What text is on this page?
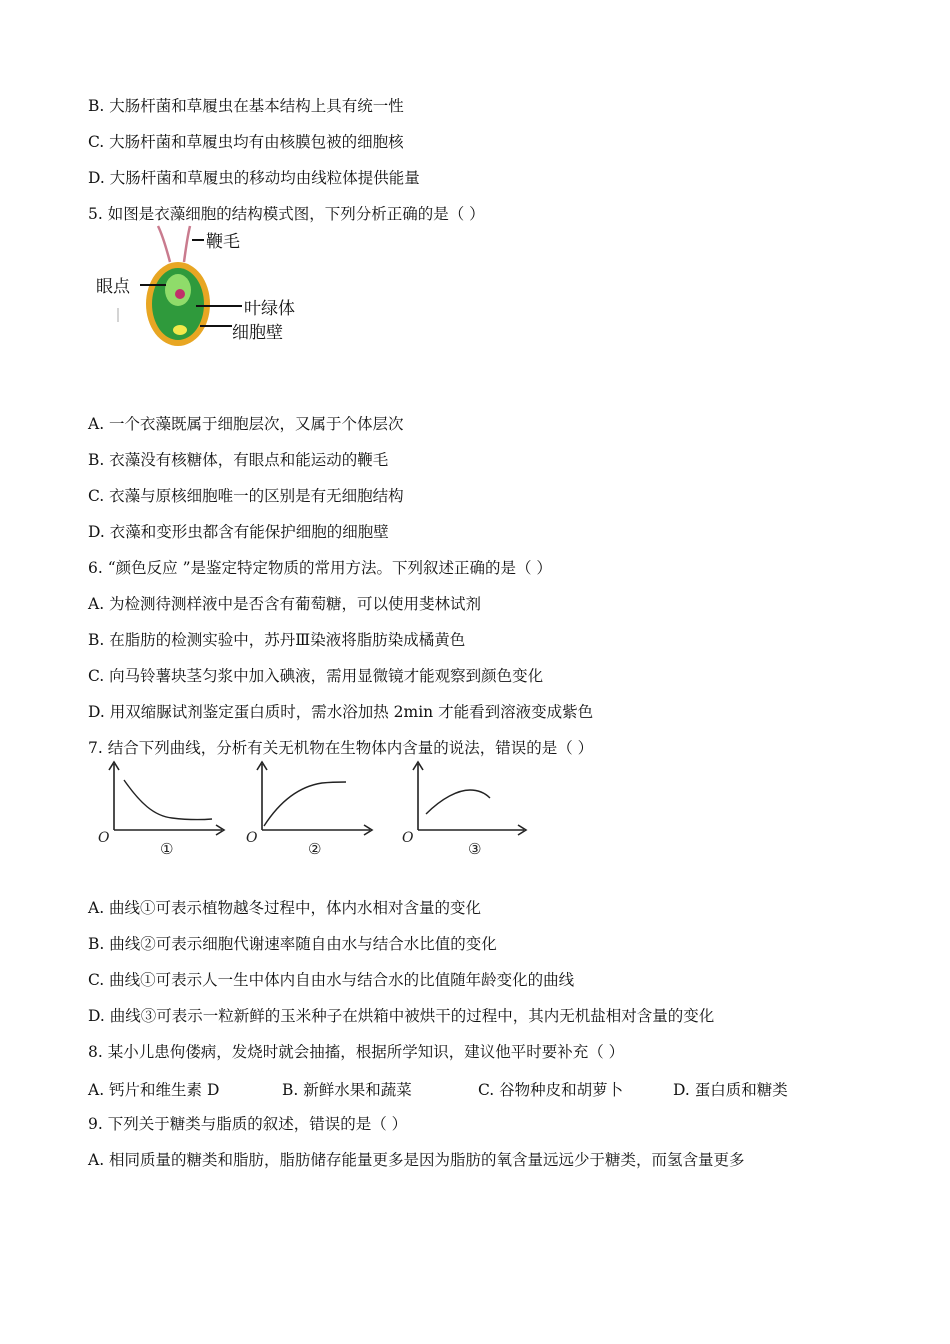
B. 大肠杆菌和草履虫在基本结构上具有统一性
C. 大肠杆菌和草履虫均有由核膜包被的细胞核
D. 大肠杆菌和草履虫的移动均由线粒体提供能量
5. 如图是衣藻细胞的结构模式图，下列分析正确的是（ ）
鞭毛
眼点
叶绿体
细胞壁
A. 一个衣藻既属于细胞层次，又属于个体层次
B. 衣藻没有核糖体，有眼点和能运动的鞭毛
C. 衣藻与原核细胞唯一的区别是有无细胞结构
D. 衣藻和变形虫都含有能保护细胞的细胞壁
6. “颜色反应 ”是鉴定特定物质的常用方法。下列叙述正确的是（ ）
A. 为检测待测样液中是否含有葡萄糖，可以使用斐林试剂
B. 在脂肪的检测实验中，苏丹Ⅲ染液将脂肪染成橘黄色
C. 向马铃薯块茎匀浆中加入碘液，需用显微镜才能观察到颜色变化
D. 用双缩脲试剂鉴定蛋白质时，需水浴加热 2min 才能看到溶液变成紫色
7. 结合下列曲线，分析有关无机物在生物体内含量的说法，错误的是（ ）
O
①
O
②
O
③
A. 曲线①可表示植物越冬过程中，体内水相对含量的变化
B. 曲线②可表示细胞代谢速率随自由水与结合水比值的变化
C. 曲线①可表示人一生中体内自由水与结合水的比值随年龄变化的曲线
D. 曲线③可表示一粒新鲜的玉米种子在烘箱中被烘干的过程中，其内无机盐相对含量的变化
8. 某小儿患佝偻病，发烧时就会抽搐，根据所学知识，建议他平时要补充（ ）
A. 钙片和维生素 D	B. 新鲜水果和蔬菜	C. 谷物种皮和胡萝卜	D. 蛋白质和糖类
9. 下列关于糖类与脂质的叙述，错误的是（ ）
A. 相同质量的糖类和脂肪，脂肪储存能量更多是因为脂肪的氧含量远远少于糖类，而氢含量更多
